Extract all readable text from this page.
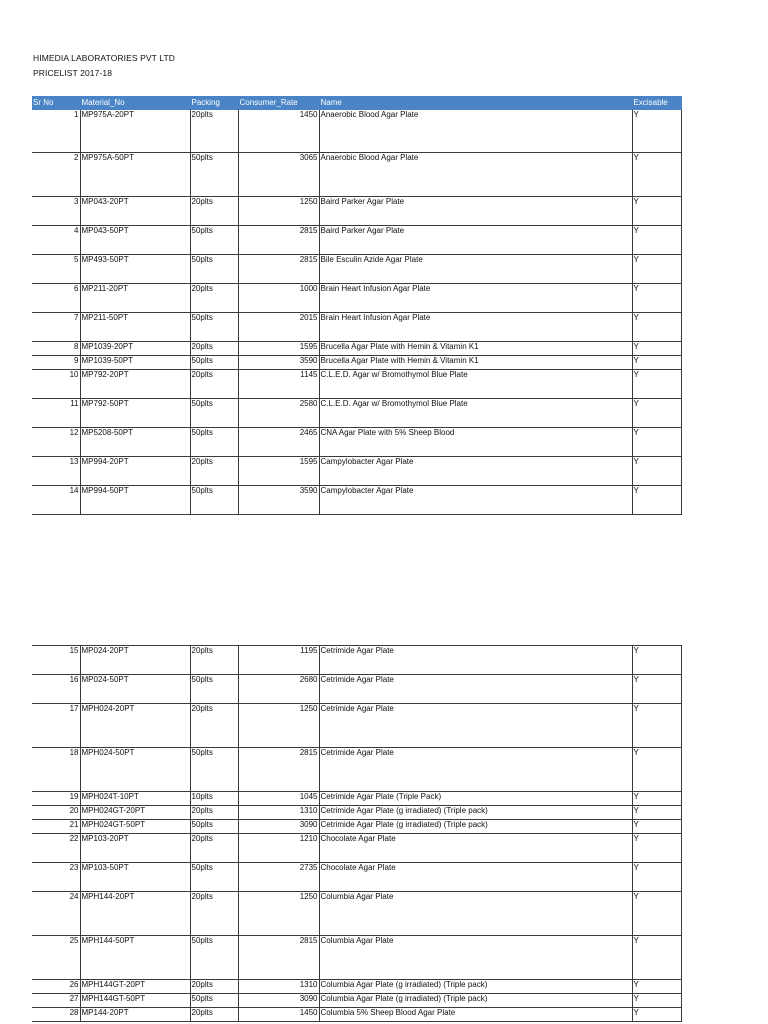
HIMEDIA LABORATORIES PVT LTD
PRICELIST 2017-18
Sr No	Material_No	Packing	Consumer_Rate	Name	Excisable
1	MP975A-20PT	20plts	1450	Anaerobic Blood Agar Plate	Y
2	MP975A-50PT	50plts	3065	Anaerobic Blood Agar Plate	Y
3	MP043-20PT	20plts	1250	Baird Parker Agar Plate	Y
4	MP043-50PT	50plts	2815	Baird Parker Agar Plate	Y
5	MP493-50PT	50plts	2815	Bile Esculin Azide Agar Plate	Y
6	MP211-20PT	20plts	1000	Brain Heart Infusion Agar Plate	Y
7	MP211-50PT	50plts	2015	Brain Heart Infusion Agar Plate	Y
8	MP1039-20PT	20plts	1595	Brucella Agar Plate with Hemin & Vitamin K1	Y
9	MP1039-50PT	50plts	3590	Brucella Agar Plate with Hemin & Vitamin K1	Y
10	MP792-20PT	20plts	1145	C.L.E.D. Agar w/ Bromothymol Blue Plate	Y
11	MP792-50PT	50plts	2580	C.L.E.D. Agar w/ Bromothymol Blue Plate	Y
12	MP5208-50PT	50plts	2465	CNA Agar Plate with 5% Sheep Blood	Y
13	MP994-20PT	20plts	1595	Campylobacter Agar Plate	Y
14	MP994-50PT	50plts	3590	Campylobacter Agar Plate	Y
15	MP024-20PT	20plts	1195	Cetrimide Agar Plate	Y
16	MP024-50PT	50plts	2680	Cetrimide Agar Plate	Y
17	MPH024-20PT	20plts	1250	Cetrimide Agar Plate	Y
18	MPH024-50PT	50plts	2815	Cetrimide Agar Plate	Y
19	MPH024T-10PT	10plts	1045	Cetrimide Agar Plate (Triple Pack)	Y
20	MPH024GT-20PT	20plts	1310	Cetrimide Agar Plate (g irradiated) (Triple pack)	Y
21	MPH024GT-50PT	50plts	3090	Cetrimide Agar Plate (g irradiated) (Triple pack)	Y
22	MP103-20PT	20plts	1210	Chocolate Agar Plate	Y
23	MP103-50PT	50plts	2735	Chocolate Agar Plate	Y
24	MPH144-20PT	20plts	1250	Columbia Agar Plate	Y
25	MPH144-50PT	50plts	2815	Columbia Agar Plate	Y
26	MPH144GT-20PT	20plts	1310	Columbia Agar Plate (g irradiated) (Triple pack)	Y
27	MPH144GT-50PT	50plts	3090	Columbia Agar Plate (g irradiated) (Triple pack)	Y
28	MP144-20PT	20plts	1450	Columbia 5% Sheep Blood Agar Plate	Y
